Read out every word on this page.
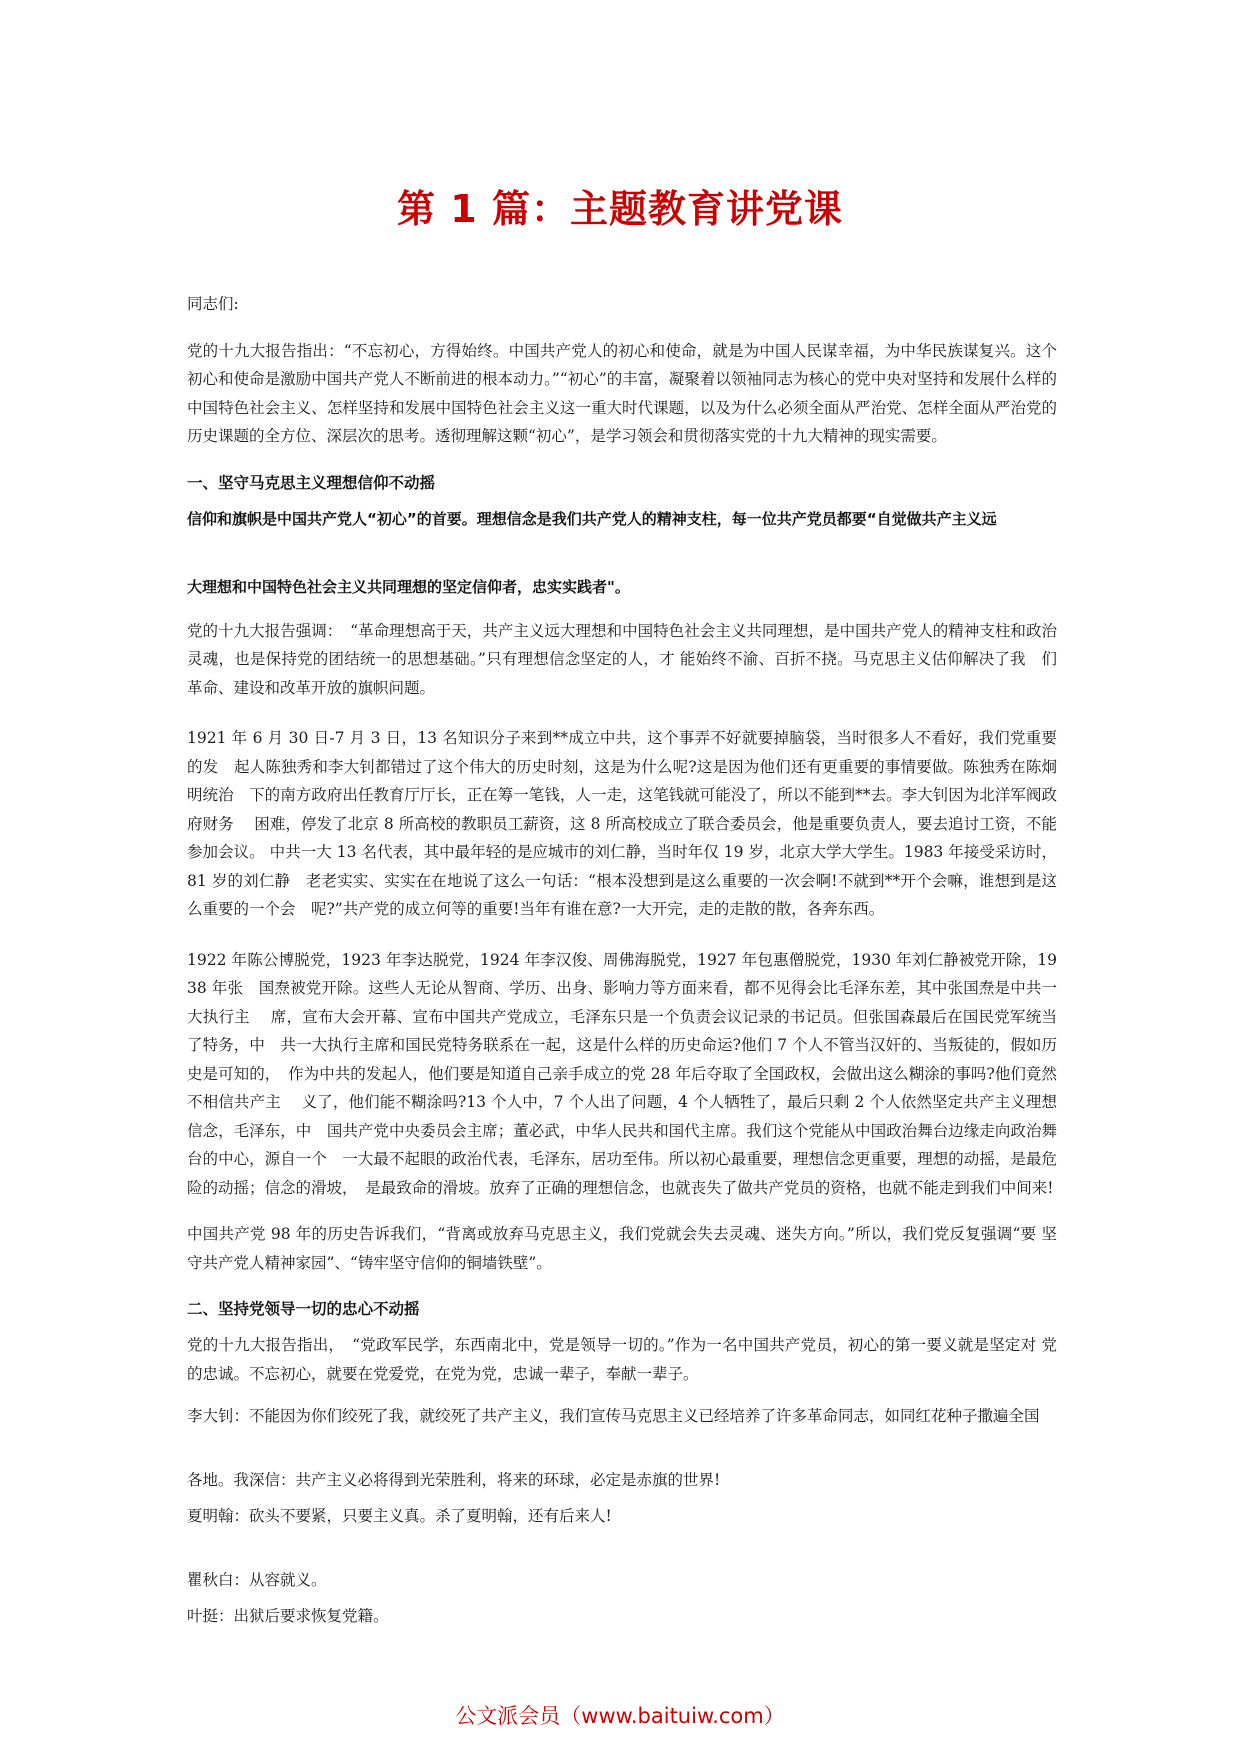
第 1 篇：主题教育讲党课

同志们:

党的十九大报告指出：“不忘初心，方得始终。中国共产党人的初心和使命，就是为中国人民谋幸福，为中华民族谋复兴。这个初心和使命是激励中国共产党人不断前进的根本动力。”“初心”的丰富，凝聚着以领袖同志为核心的党中央对坚持和发展什么样的中国特色社会主义、怎样坚持和发展中国特色社会主义这一重大时代课题，以及为什么必须全面从严治党、怎样全面从严治党的历史课题的全方位、深层次的思考。透彻理解这颗“初心”，是学习领会和贯彻落实党的十九大精神的现实需要。

一、坚守马克思主义理想信仰不动摇

信仰和旗帜是中国共产党人“初心”的首要。理想信念是我们共产党人的精神支柱，每一位共产党员都要“自觉做共产主义远

大理想和中国特色社会主义共同理想的坚定信仰者，忠实实践者"。

党的十九大报告强调：　“革命理想高于天，共产主义远大理想和中国特色社会主义共同理想，是中国共产党人的精神支柱和政治灵魂，也是保持党的团结统一的思想基础。”只有理想信念坚定的人，才 能始终不渝、百折不挠。马克思主义估仰解决了我　们革命、建设和改革开放的旗帜问题。

1921 年 6 月 30 日-7 月 3 日，13 名知识分子来到**成立中共，这个事弄不好就要掉脑袋，当时很多人不看好，我们党重要的发　起人陈独秀和李大钊都错过了这个伟大的历史时刻，这是为什么呢?这是因为他们还有更重要的事情要做。陈独秀在陈炯明统治　下的南方政府出任教育厅厅长，正在筹一笔钱，人一走，这笔钱就可能没了，所以不能到**去。李大钊因为北洋军阀政府财务　 困难，停发了北京 8 所高校的教职员工薪资，这 8 所高校成立了联合委员会，他是重要负责人，要去追讨工资，不能参加会议。 中共一大 13 名代表，其中最年轻的是应城市的刘仁静，当时年仅 19 岁，北京大学大学生。1983 年接受采访时，81 岁的刘仁静　老老实实、实实在在地说了这么一句话：“根本没想到是这么重要的一次会啊!不就到**开个会嘛，谁想到是这么重要的一个会　呢?”共产党的成立何等的重要!当年有谁在意?一大开完，走的走散的散，各奔东西。

1922 年陈公博脱党，1923 年李达脱党，1924 年李汉俊、周佛海脱党，1927 年包惠僧脱党，1930 年刘仁静被党开除，1938 年张　国焘被党开除。这些人无论从智商、学历、出身、影响力等方面来看，都不见得会比毛泽东差，其中张国焘是中共一大执行主　 席，宣布大会开幕、宣布中国共产党成立，毛泽东只是一个负责会议记录的书记员。但张国森最后在国民党军统当了特务，中　共一大执行主席和国民党特务联系在一起，这是什么样的历史命运?他们 7 个人不管当汉奸的、当叛徒的，假如历史是可知的，　作为中共的发起人，他们要是知道自己亲手成立的党 28 年后夺取了全国政权，会做出这么糊涂的事吗?他们竟然不相信共产主　 义了，他们能不糊涂吗?13 个人中，7 个人出了问题，4 个人牺牲了，最后只剩 2 个人依然坚定共产主义理想信念，毛泽东，中　国共产党中央委员会主席；董必武，中华人民共和国代主席。我们这个党能从中国政治舞台边缘走向政治舞台的中心，源自一个　一大最不起眼的政治代表，毛泽东，居功至伟。所以初心最重要，理想信念更重要，理想的动摇，是最危险的动摇；信念的滑坡，　是最致命的滑坡。放弃了正确的理想信念，也就丧失了做共产党员的资格，也就不能走到我们中间来!

中国共产党 98 年的历史告诉我们，“背离或放弃马克思主义，我们党就会失去灵魂、迷失方向。”所以，我们党反复强调“要 坚守共产党人精神家园”、“铸牢坚守信仰的铜墙铁壁”。

二、坚持党领导一切的忠心不动摇

党的十九大报告指出，　“党政军民学，东西南北中，党是领导一切的。”作为一名中国共产党员，初心的第一要义就是坚定对 党的忠诚。不忘初心，就要在党爱党，在党为党，忠诚一辈子，奉献一辈子。

李大钊：不能因为你们绞死了我，就绞死了共产主义，我们宣传马克思主义已经培养了许多革命同志，如同红花种子撒遍全国

各地。我深信：共产主义必将得到光荣胜利，将来的环球，必定是赤旗的世界!

夏明翰：砍头不要紧，只要主义真。杀了夏明翰，还有后来人!

瞿秋白：从容就义。

叶挺：出狱后要求恢复党籍。

公文派会员（www.baituiw.com）
